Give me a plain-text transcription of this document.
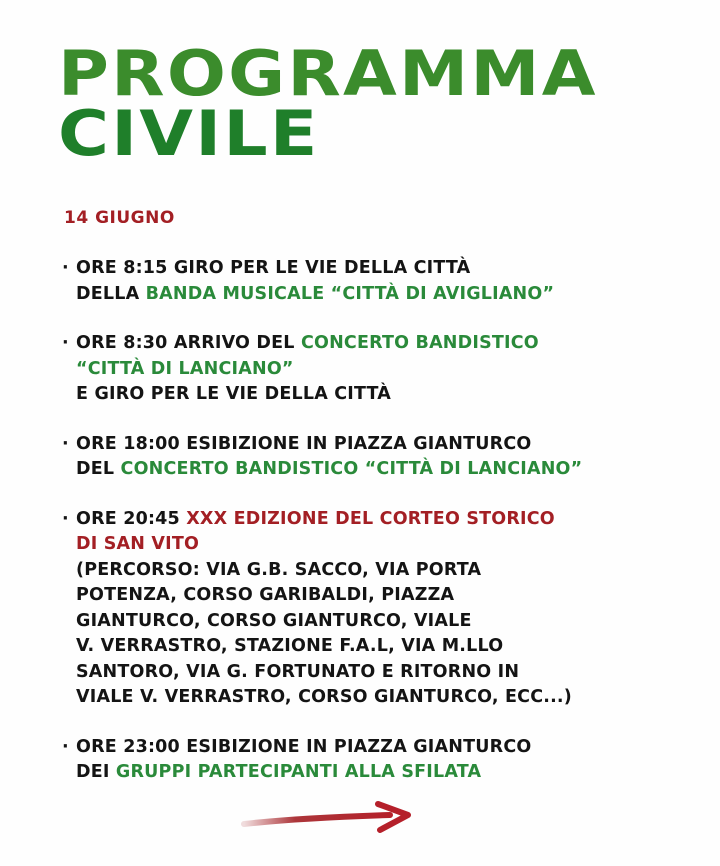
PROGRAMMA
CIVILE
14 GIUGNO
· ORE 8:15 GIRO PER LE VIE DELLA CITTÀ
DELLA BANDA MUSICALE “CITTÀ DI AVIGLIANO”
· ORE 8:30 ARRIVO DEL CONCERTO BANDISTICO
“CITTÀ DI LANCIANO”
E GIRO PER LE VIE DELLA CITTÀ
· ORE 18:00 ESIBIZIONE IN PIAZZA GIANTURCO
DEL CONCERTO BANDISTICO “CITTÀ DI LANCIANO”
· ORE 20:45 XXX EDIZIONE DEL CORTEO STORICO
DI SAN VITO
(PERCORSO: VIA G.B. SACCO, VIA PORTA
POTENZA, CORSO GARIBALDI, PIAZZA
GIANTURCO, CORSO GIANTURCO, VIALE
V. VERRASTRO, STAZIONE F.A.L, VIA M.LLO
SANTORO, VIA G. FORTUNATO E RITORNO IN
VIALE V. VERRASTRO, CORSO GIANTURCO, ECC...)
· ORE 23:00 ESIBIZIONE IN PIAZZA GIANTURCO
DEI GRUPPI PARTECIPANTI ALLA SFILATA
